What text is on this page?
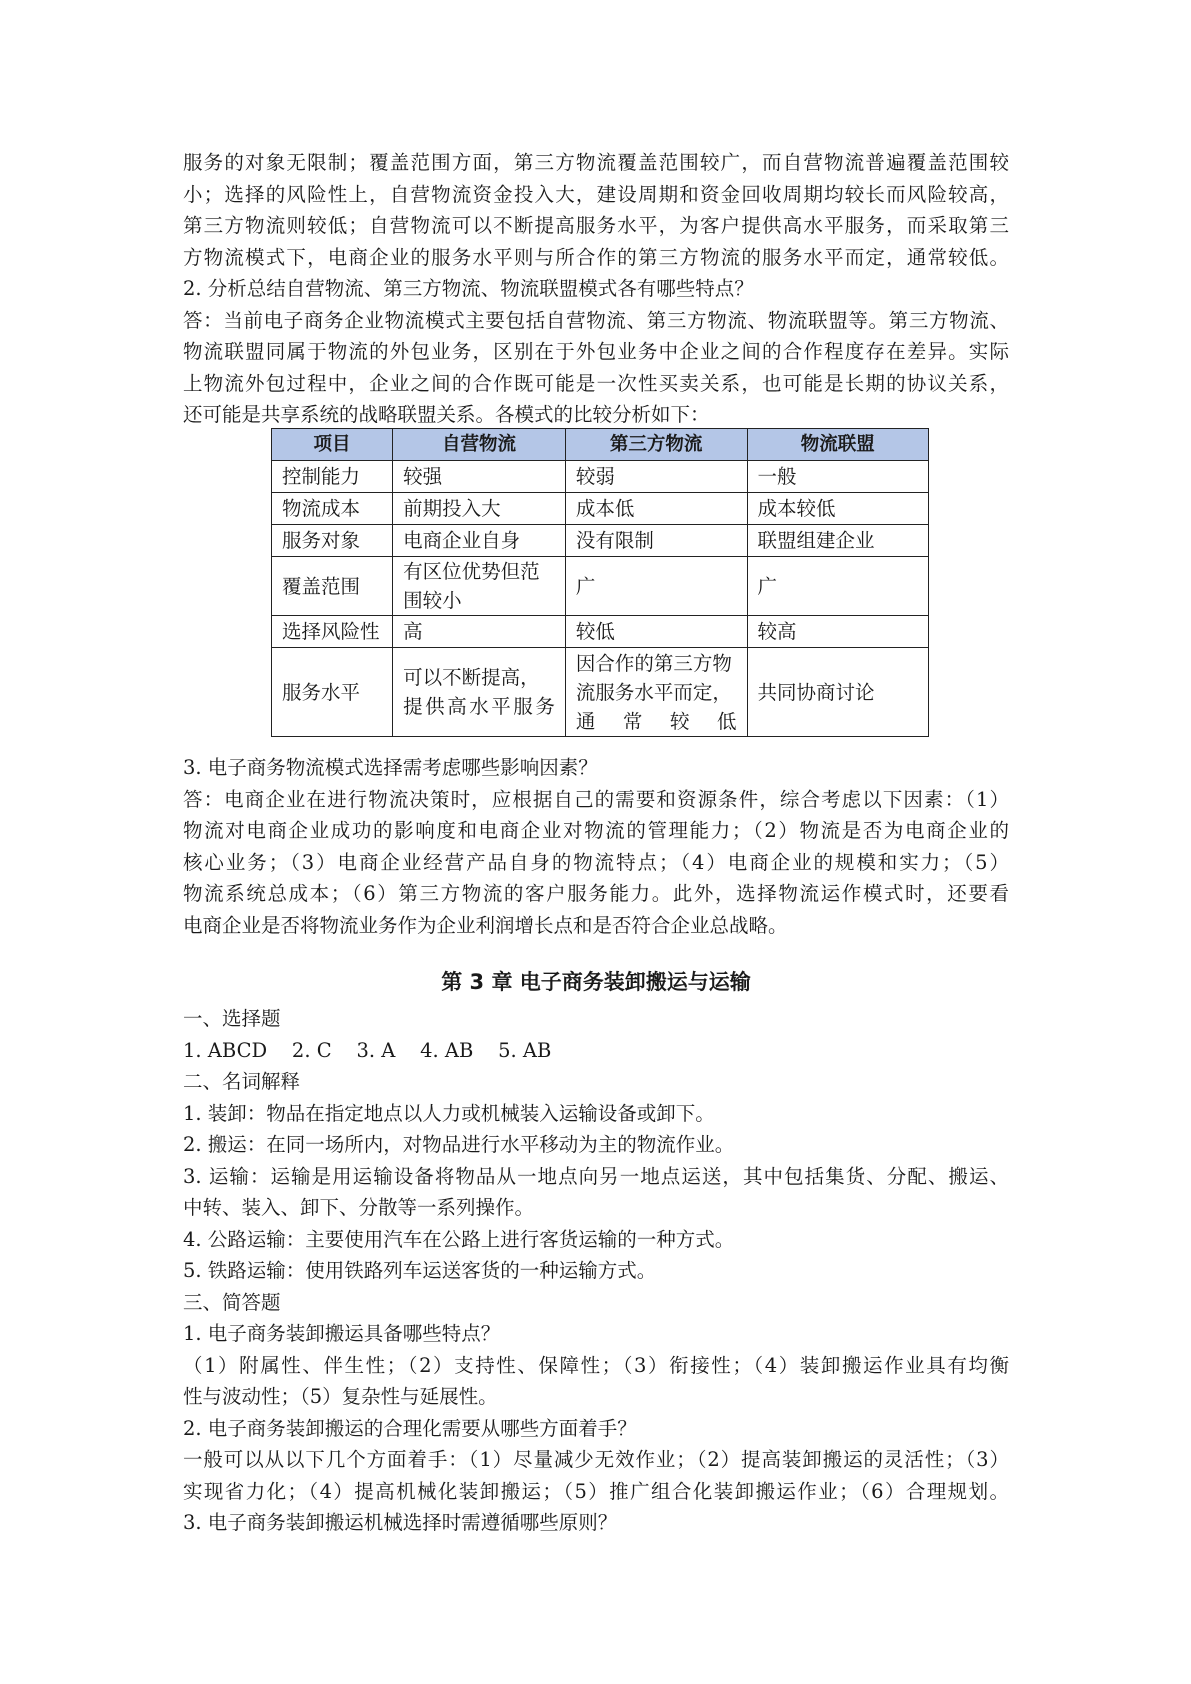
服务的对象无限制；覆盖范围方面，第三方物流覆盖范围较广，而自营物流普遍覆盖范围较
小；选择的风险性上，自营物流资金投入大，建设周期和资金回收周期均较长而风险较高，
第三方物流则较低；自营物流可以不断提高服务水平，为客户提供高水平服务，而采取第三
方物流模式下，电商企业的服务水平则与所合作的第三方物流的服务水平而定，通常较低。
2. 分析总结自营物流、第三方物流、物流联盟模式各有哪些特点？
答：当前电子商务企业物流模式主要包括自营物流、第三方物流、物流联盟等。第三方物流、
物流联盟同属于物流的外包业务，区别在于外包业务中企业之间的合作程度存在差异。实际
上物流外包过程中，企业之间的合作既可能是一次性买卖关系，也可能是长期的协议关系，
还可能是共享系统的战略联盟关系。各模式的比较分析如下：
项目	自营物流	第三方物流	物流联盟
控制能力	较强	较弱	一般
物流成本	前期投入大	成本低	成本较低
服务对象	电商企业自身	没有限制	联盟组建企业
覆盖范围	有区位优势但范围较小	广	广
选择风险性	高	较低	较高
服务水平	可以不断提高，提供高水平服务	因合作的第三方物流服务水平而定，通常较低	共同协商讨论
3. 电子商务物流模式选择需考虑哪些影响因素？
答：电商企业在进行物流决策时，应根据自己的需要和资源条件，综合考虑以下因素：（1）
物流对电商企业成功的影响度和电商企业对物流的管理能力；（2）物流是否为电商企业的
核心业务；（3）电商企业经营产品自身的物流特点；（4）电商企业的规模和实力；（5）
物流系统总成本；（6）第三方物流的客户服务能力。此外，选择物流运作模式时，还要看
电商企业是否将物流业务作为企业利润增长点和是否符合企业总战略。
第 3 章 电子商务装卸搬运与运输
一、选择题
1. ABCD    2. C    3. A    4. AB    5. AB
二、名词解释
1. 装卸：物品在指定地点以人力或机械装入运输设备或卸下。
2. 搬运：在同一场所内，对物品进行水平移动为主的物流作业。
3. 运输：运输是用运输设备将物品从一地点向另一地点运送，其中包括集货、分配、搬运、
中转、装入、卸下、分散等一系列操作。
4. 公路运输：主要使用汽车在公路上进行客货运输的一种方式。
5. 铁路运输：使用铁路列车运送客货的一种运输方式。
三、简答题
1. 电子商务装卸搬运具备哪些特点？
（1）附属性、伴生性；（2）支持性、保障性；（3）衔接性；（4）装卸搬运作业具有均衡
性与波动性；（5）复杂性与延展性。
2. 电子商务装卸搬运的合理化需要从哪些方面着手？
一般可以从以下几个方面着手：（1）尽量减少无效作业；（2）提高装卸搬运的灵活性；（3）
实现省力化；（4）提高机械化装卸搬运；（5）推广组合化装卸搬运作业；（6）合理规划。
3. 电子商务装卸搬运机械选择时需遵循哪些原则？
